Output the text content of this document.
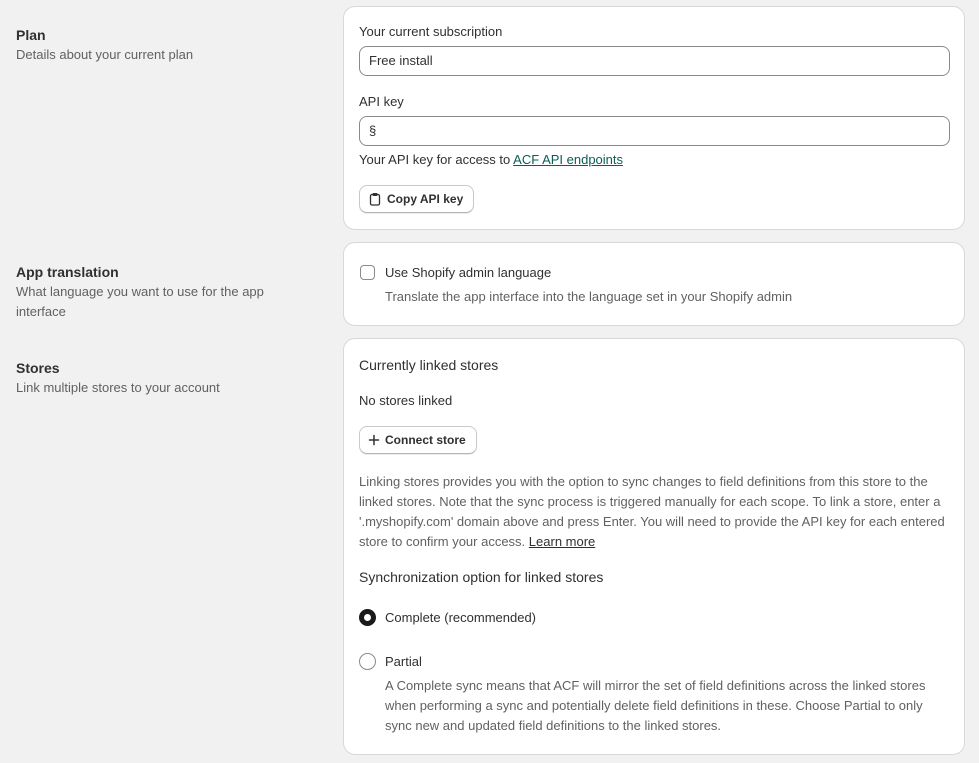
Plan
Details about your current plan
Your current subscription
Free install
API key
§
Your API key for access to ACF API endpoints
Copy API key
App translation
What language you want to use for the app interface
Use Shopify admin language
Translate the app interface into the language set in your Shopify admin
Stores
Link multiple stores to your account
Currently linked stores
No stores linked
Connect store
Linking stores provides you with the option to sync changes to field definitions from this store to the linked stores. Note that the sync process is triggered manually for each scope. To link a store, enter a '.myshopify.com' domain above and press Enter. You will need to provide the API key for each entered store to confirm your access. Learn more
Synchronization option for linked stores
Complete (recommended)
Partial
A Complete sync means that ACF will mirror the set of field definitions across the linked stores when performing a sync and potentially delete field definitions in these. Choose Partial to only sync new and updated field definitions to the linked stores.
